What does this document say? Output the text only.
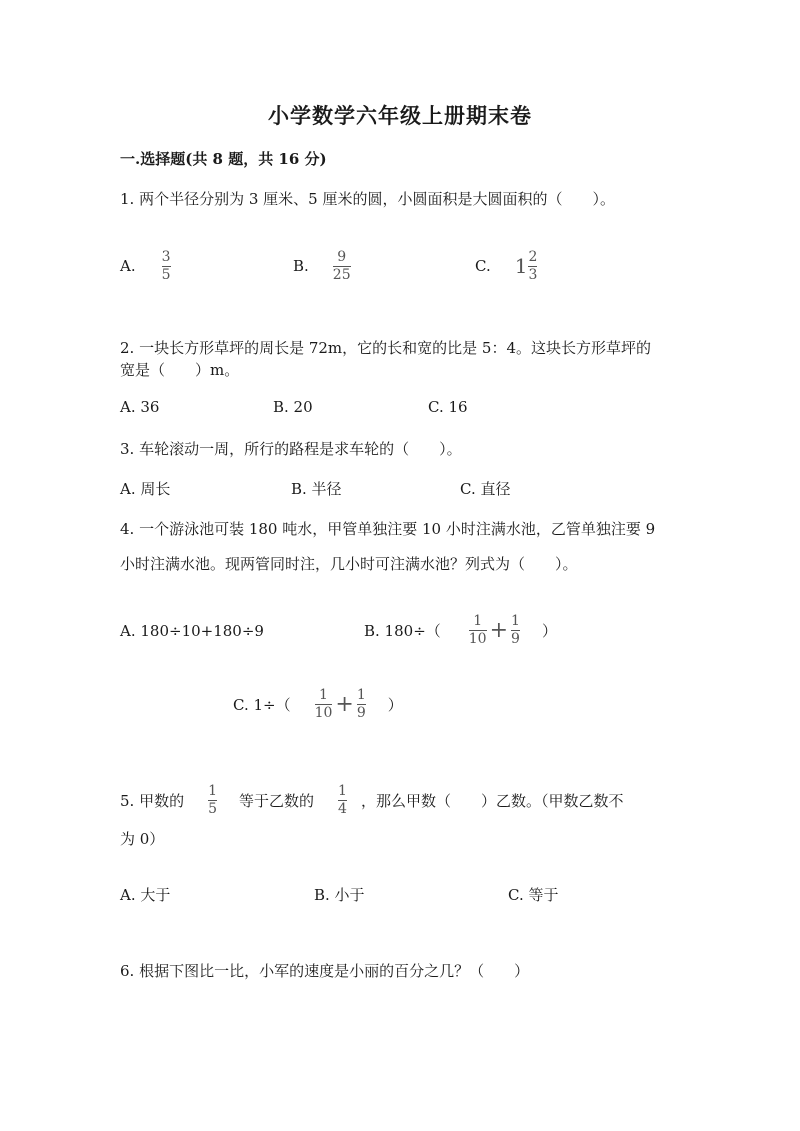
小学数学六年级上册期末卷
一.选择题(共 8 题，共 16 分)
1. 两个半径分别为 3 厘米、5 厘米的圆，小圆面积是大圆面积的（　　）。
A. $\frac{3}{5}$	B. $\frac{9}{25}$	C. $1 \frac{2}{3}$
2. 一块长方形草坪的周长是 72m，它的长和宽的比是 5：4。这块长方形草坪的
宽是（　　）m。
A. 36	B. 20	C. 16
3. 车轮滚动一周，所行的路程是求车轮的（　　）。
A. 周长	B. 半径	C. 直径
4. 一个游泳池可装 180 吨水，甲管单独注要 10 小时注满水池，乙管单独注要 9
小时注满水池。现两管同时注，几小时可注满水池？列式为（　　）。
A. 180÷10+180÷9	B. $180\div( \frac{1}{10} + \frac{1}{9}$ ）
C. $1\div( \frac{1}{10} + \frac{1}{9}$ ）
5. 甲数的 $\frac{1}{5}$ 等于乙数的 $\frac{1}{4}$ ，那么甲数（　　）乙数。（甲数乙数不
为 0）
A. 大于	B. 小于	C. 等于
6. 根据下图比一比，小军的速度是小丽的百分之几？（　　）
